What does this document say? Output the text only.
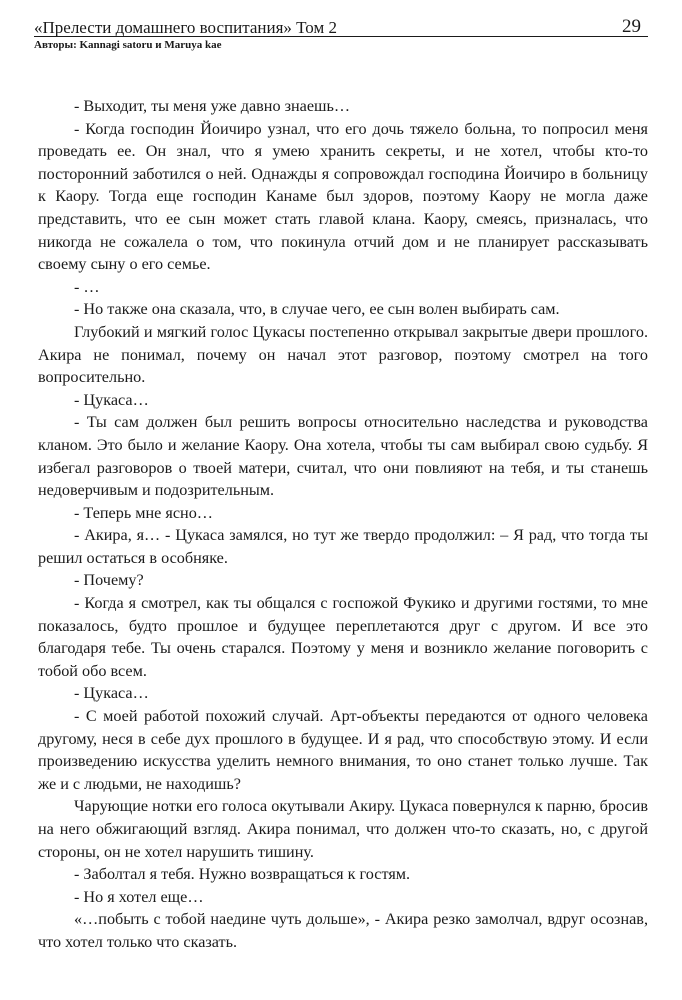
«Прелести домашнего воспитания» Том 2
Авторы: Kannagi satoru и Maruya kae
29

- Выходит, ты меня уже давно знаешь…

- Когда господин Йоичиро узнал, что его дочь тяжело больна, то попросил меня проведать ее. Он знал, что я умею хранить секреты, и не хотел, чтобы кто-то посторонний заботился о ней. Однажды я сопровождал господина Йоичиро в больницу к Каору. Тогда еще господин Канаме был здоров, поэтому Каору не могла даже представить, что ее сын может стать главой клана. Каору, смеясь, призналась, что никогда не сожалела о том, что покинула отчий дом и не планирует рассказывать своему сыну о его семье.

- …

- Но также она сказала, что, в случае чего, ее сын волен выбирать сам.

Глубокий и мягкий голос Цукасы постепенно открывал закрытые двери прошлого. Акира не понимал, почему он начал этот разговор, поэтому смотрел на того вопросительно.

- Цукаса…

- Ты сам должен был решить вопросы относительно наследства и руководства кланом. Это было и желание Каору. Она хотела, чтобы ты сам выбирал свою судьбу. Я избегал разговоров о твоей матери, считал, что они повлияют на тебя, и ты станешь недоверчивым и подозрительным.

- Теперь мне ясно…

- Акира, я… - Цукаса замялся, но тут же твердо продолжил: – Я рад, что тогда ты решил остаться в особняке.

- Почему?

- Когда я смотрел, как ты общался с госпожой Фукико и другими гостями, то мне показалось, будто прошлое и будущее переплетаются друг с другом. И все это благодаря тебе. Ты очень старался. Поэтому у меня и возникло желание поговорить с тобой обо всем.

- Цукаса…

- С моей работой похожий случай. Арт-объекты передаются от одного человека другому, неся в себе дух прошлого в будущее. И я рад, что способствую этому. И если произведению искусства уделить немного внимания, то оно станет только лучше. Так же и с людьми, не находишь?

Чарующие нотки его голоса окутывали Акиру. Цукаса повернулся к парню, бросив на него обжигающий взгляд. Акира понимал, что должен что-то сказать, но, с другой стороны, он не хотел нарушить тишину.

- Заболтал я тебя. Нужно возвращаться к гостям.

- Но я хотел еще…

«…побыть с тобой наедине чуть дольше», - Акира резко замолчал, вдруг осознав, что хотел только что сказать.
